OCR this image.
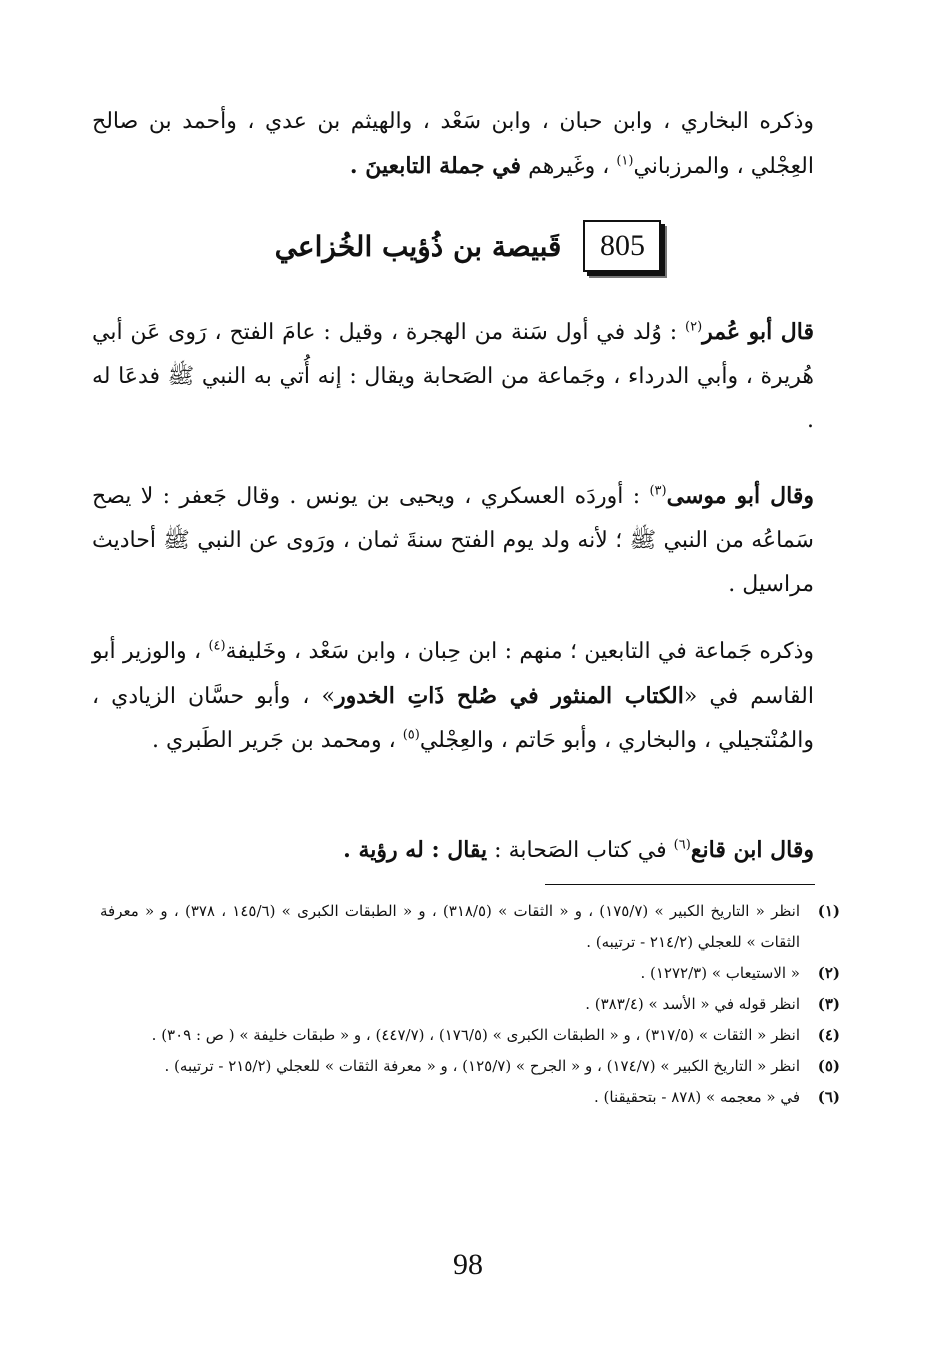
وذكره البخاري ، وابن حبان ، وابن سَعْد ، والهيثم بن عدي ، وأحمد بن صالح العِجْلي ، والمرزباني$^{(١)}$ ، وغَيرهم في جملة التابعينَ .

805
قَبيصة بن ذُؤيب الخُزاعي

قال أبو عُمر$^{(٢)}$ : وُلد في أول سَنة من الهجرة ، وقيل : عامَ الفتح ، رَوى عَن أبي هُريرة ، وأبي الدرداء ، وجَماعة من الصَحابة ويقال : إنه أُتي به النبي ﷺ فدعَا له .

وقال أبو موسى$^{(٣)}$ : أوردَه العسكري ، ويحيى بن يونس . وقال جَعفر : لا يصح سَماعُه من النبي ﷺ ؛ لأنه ولد يوم الفتح سنةَ ثمان ، ورَوى عن النبي ﷺ أحاديث مراسيل .

وذكره جَماعة في التابعين ؛ منهم : ابن حِبان ، وابن سَعْد ، وخَليفة$^{(٤)}$ ، والوزير أبو القاسم في «الكتاب المنثور في صُلح ذَاتِ الخدور» ، وأبو حسَّان الزيادي ، والمُنْتجيلي ، والبخاري ، وأبو حَاتم ، والعِجْلي$^{(٥)}$ ، ومحمد بن جَرير الطَبري .

وقال ابن قانع$^{(٦)}$ في كتاب الصَحابة : يقال : له رؤية .

(١)
انظر « التاريخ الكبير » (١٧٥/٧) ، و « الثقات » (٣١٨/٥) ، و « الطبقات الكبرى » (١٤٥/٦ ، ٣٧٨) ، و « معرفة الثقات » للعجلي (٢١٤/٢ - ترتيبه) .
(٢)
« الاستيعاب » (١٢٧٢/٣) .
(٣)
انظر قوله في « الأسد » (٣٨٣/٤) .
(٤)
انظر « الثقات » (٣١٧/٥) ، و « الطبقات الكبرى » (١٧٦/٥) ، (٤٤٧/٧) ، و « طبقات خليفة » ( ص : ٣٠٩) .
(٥)
انظر « التاريخ الكبير » (١٧٤/٧) ، و « الجرح » (١٢٥/٧) ، و « معرفة الثقات » للعجلي (٢١٥/٢ - ترتيبه) .
(٦)
في « معجمه » (٨٧٨ - بتحقيقنا) .
98
